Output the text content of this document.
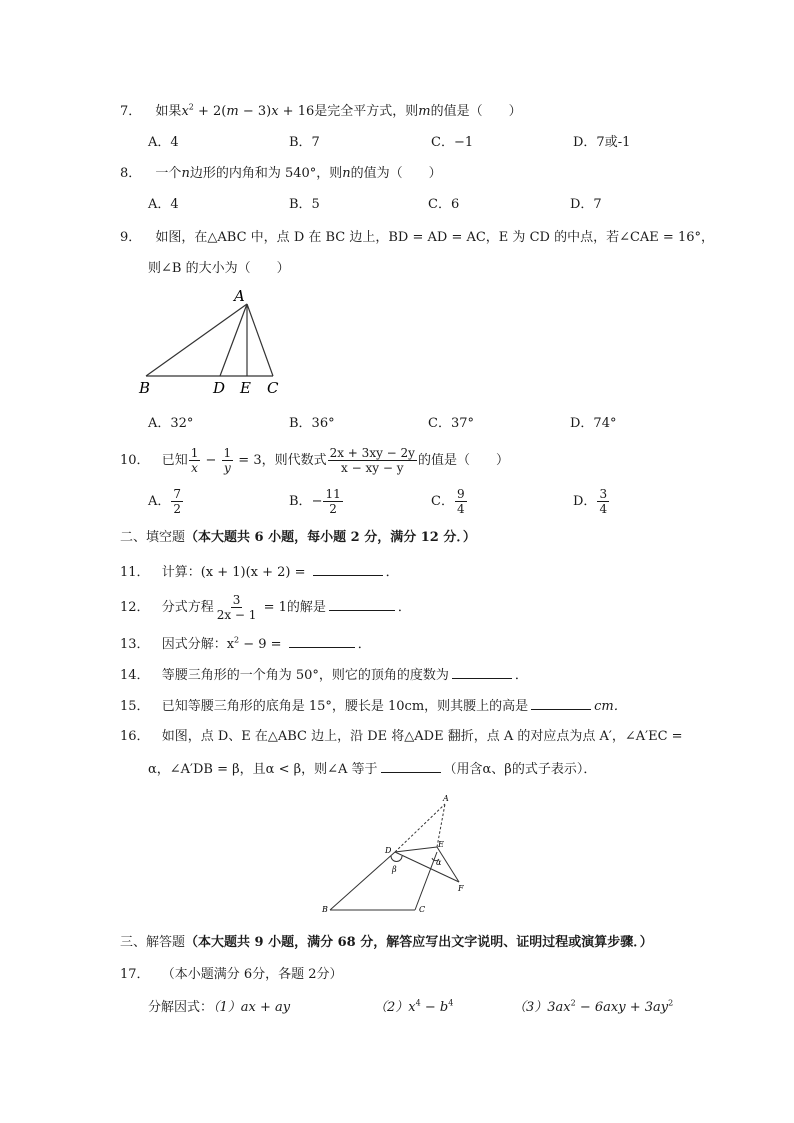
7． 如果$x^2 + 2(m - 3)x + 16$是完全平方式，则m的值是（　　）
A．4	B．7	C．−1	D．7或-1
8． 一个n边形的内角和为 540°，则n的值为（　　）
A．4	B．5	C．6	D．7
9． 如图，在△ABC 中，点 D 在 BC 边上，BD = AD = AC，E 为 CD 的中点，若∠CAE = 16°，
则∠B 的大小为（　　）
A
B	D E C
A．32°	B．36°	C．37°	D．74°
10． 已知 $\frac{1}{x} - \frac{1}{y} = 3$，则代数式 $\frac{2x + 3xy - 2y}{x - xy - y}$ 的值是（　　）
A． $\frac{7}{2}$	B．− $\frac{11}{2}$	C． $\frac{9}{4}$	D． $\frac{3}{4}$
二、填空题（本大题共 6 小题，每小题 2 分，满分 12 分．）
11． 计算：(x + 1)(x + 2) =	．
12． 分式方程 $\frac{3}{2x - 1} = 1$的解是	．
13． 因式分解：$x^2 - 9$ =	．
14． 等腰三角形的一个角为 50°，则它的顶角的度数为	．
15． 已知等腰三角形的底角是 15°，腰长是 10cm，则其腰上的高是	cm．
16． 如图，点 D、E 在△ABC 边上，沿 DE 将△ADE 翻折，点 A 的对应点为点 A′，∠A′EC =
α，∠A′DB = β，且α < β，则∠A 等于	（用含α、β的式子表示）．
A
D
E
α
β
F
B	C
三、解答题（本大题共 9 小题，满分 68 分，解答应写出文字说明、证明过程或演算步骤．）
17． （本小题满分 6分，各题 2分）
分解因式：（1）ax + ay	$(2)x^4 - b^4$	$(3)3ax^2 - 6axy + 3ay^2$
